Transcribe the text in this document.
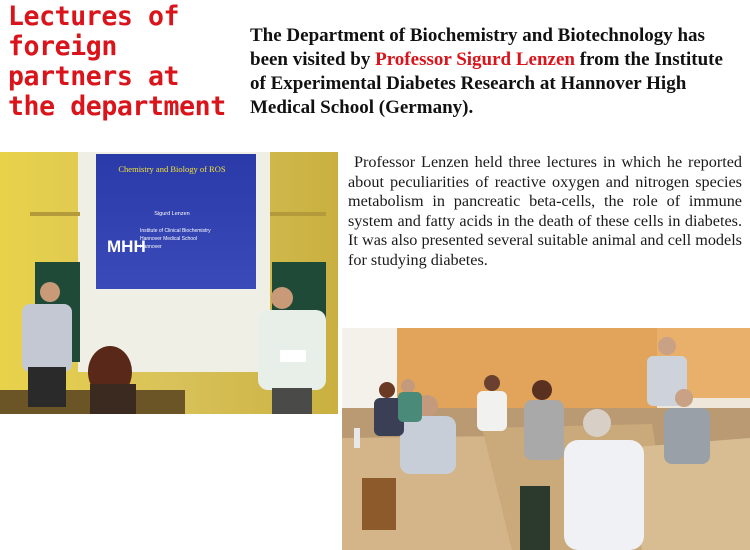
Lectures of
foreign
partners at
the department

The Department of Biochemistry and Biotechnology has been visited by Professor Sigurd Lenzen from the Institute of Experimental Diabetes Research at Hannover High Medical School (Germany).

Professor Lenzen held three lectures in which he reported about peculiarities of reactive oxygen and nitrogen species metabolism in pancreatic beta-cells, the role of immune system and fatty acids in the death of these cells in diabetes. It was also presented several suitable animal and cell models for studying diabetes.

Chemistry and Biology of ROS
Sigurd Lenzen
MHH
Institute of Clinical Biochemistry
Hannover Medical School
Hannover
